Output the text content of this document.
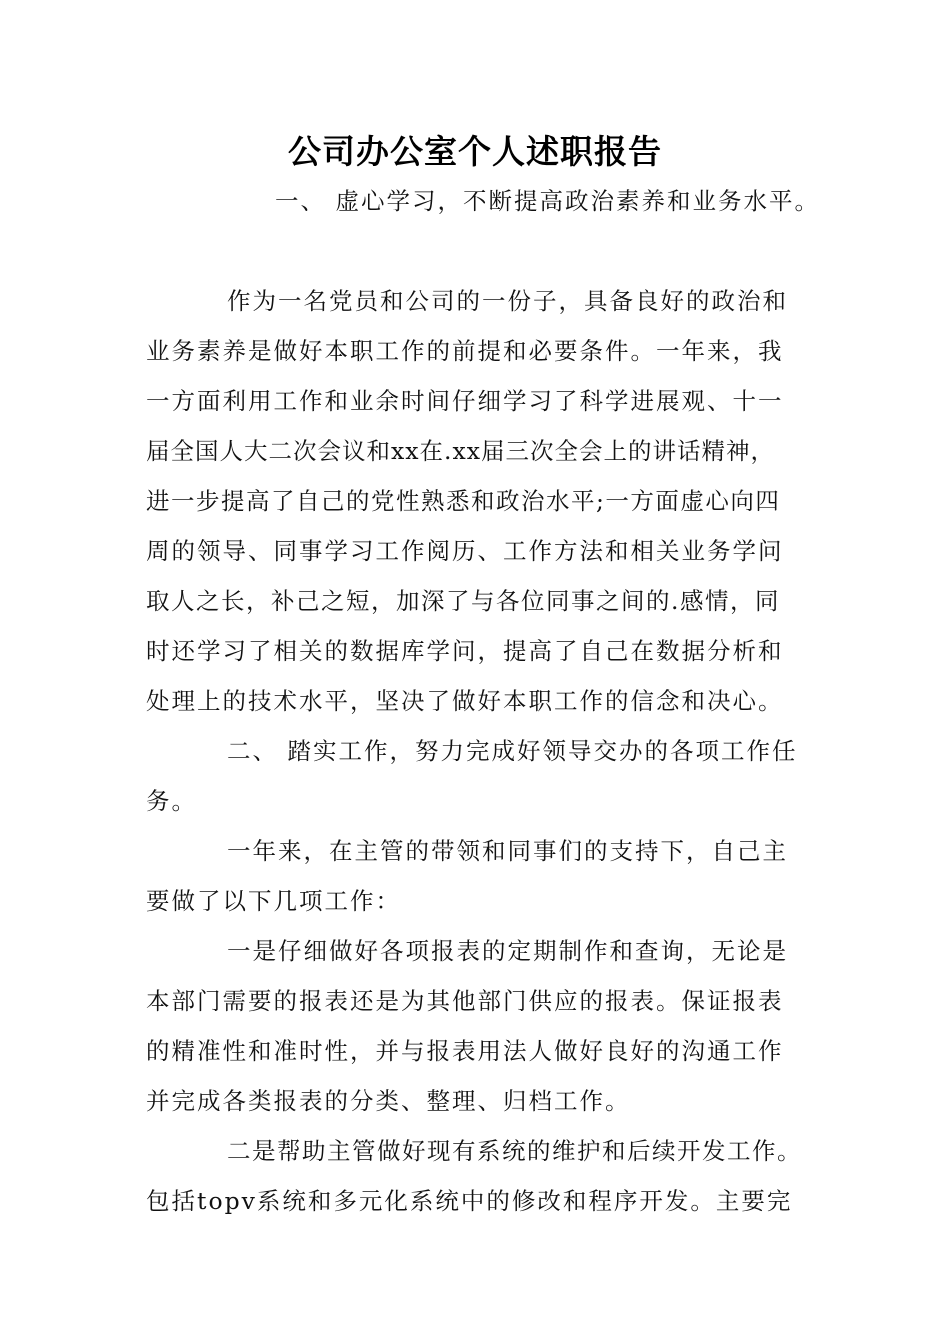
公司办公室个人述职报告
一、 虚心学习，不断提高政治素养和业务水平。
作为一名党员和公司的一份子，具备良好的政治和
业务素养是做好本职工作的前提和必要条件。一年来，我
一方面利用工作和业余时间仔细学习了科学进展观、十一
届全国人大二次会议和xx在.xx届三次全会上的讲话精神，
进一步提高了自己的党性熟悉和政治水平;一方面虚心向四
周的领导、同事学习工作阅历、工作方法和相关业务学问
取人之长，补己之短，加深了与各位同事之间的.感情，同
时还学习了相关的数据库学问，提高了自己在数据分析和
处理上的技术水平，坚决了做好本职工作的信念和决心。
二、 踏实工作，努力完成好领导交办的各项工作任
务。
一年来，在主管的带领和同事们的支持下，自己主
要做了以下几项工作：
一是仔细做好各项报表的定期制作和查询，无论是
本部门需要的报表还是为其他部门供应的报表。保证报表
的精准性和准时性，并与报表用法人做好良好的沟通工作
并完成各类报表的分类、整理、归档工作。
二是帮助主管做好现有系统的维护和后续开发工作。
包括topv系统和多元化系统中的修改和程序开发。主要完
